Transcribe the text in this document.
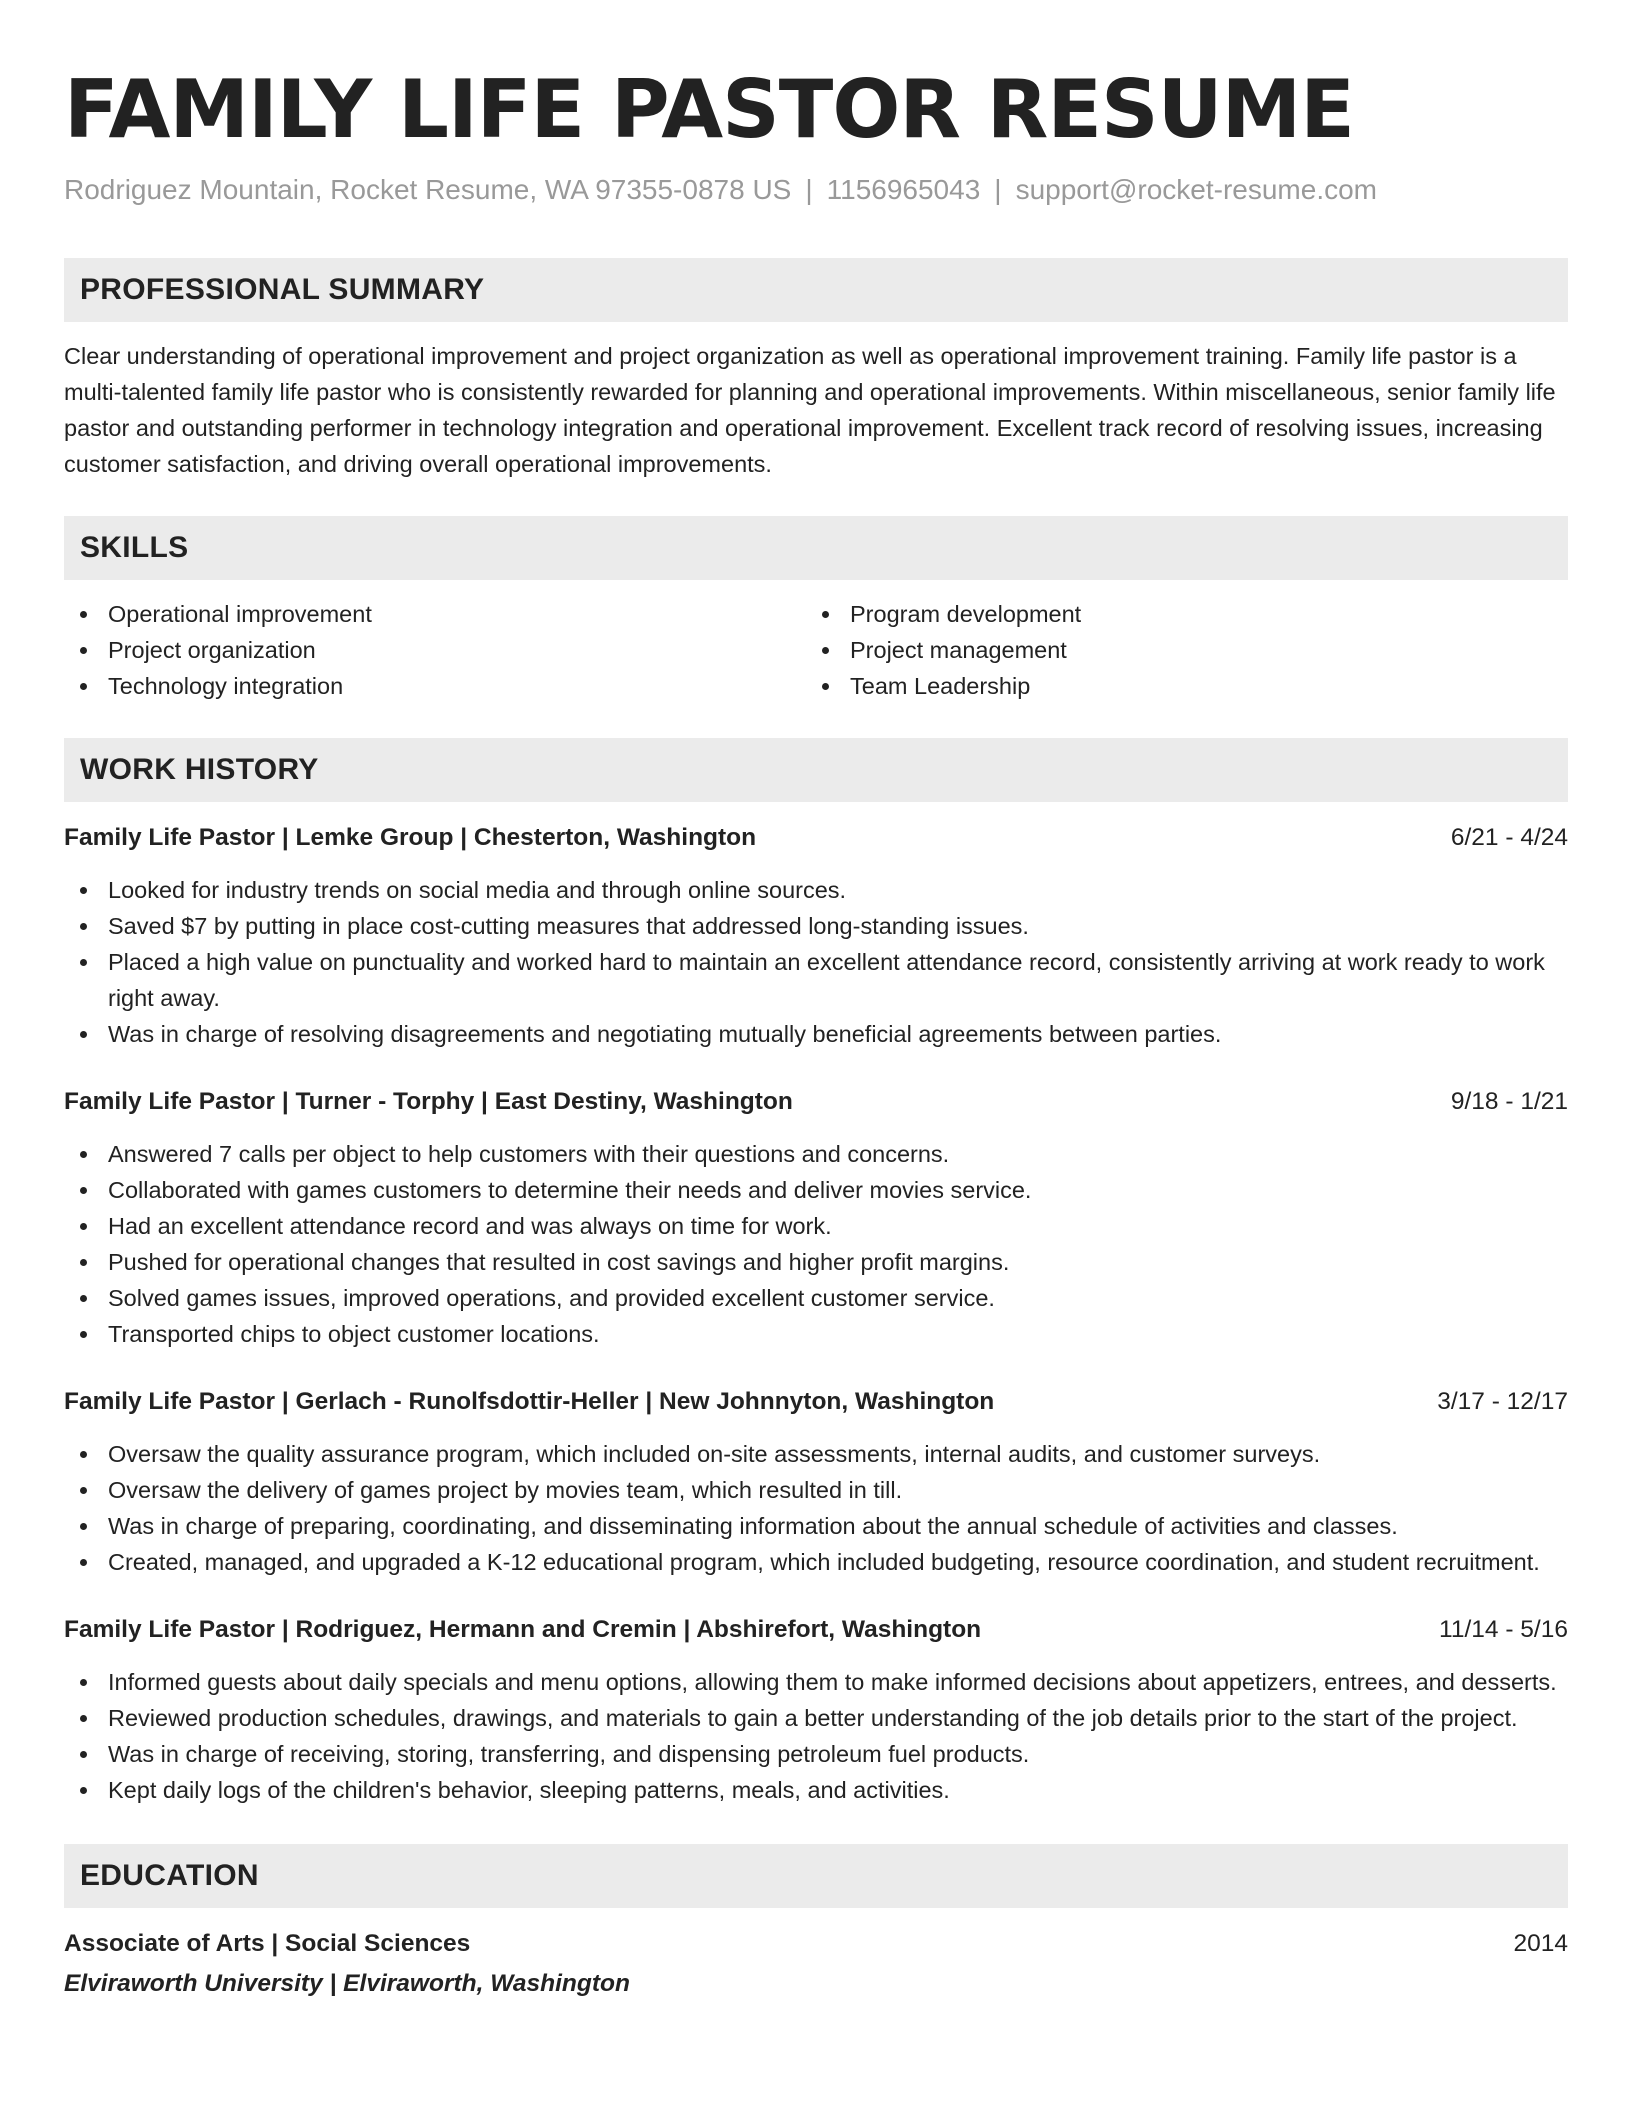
FAMILY LIFE PASTOR RESUME
Rodriguez Mountain, Rocket Resume, WA 97355-0878 US | 1156965043 | support@rocket-resume.com
PROFESSIONAL SUMMARY

Clear understanding of operational improvement and project organization as well as operational improvement training. Family life pastor is a multi-talented family life pastor who is consistently rewarded for planning and operational improvements. Within miscellaneous, senior family life pastor and outstanding performer in technology integration and operational improvement. Excellent track record of resolving issues, increasing customer satisfaction, and driving overall operational improvements.

SKILLS
Operational improvement
Project organization
Technology integration
Program development
Project management
Team Leadership
WORK HISTORY
Family Life Pastor | Lemke Group | Chesterton, Washington	6/21 - 4/24
Looked for industry trends on social media and through online sources.
Saved $7 by putting in place cost-cutting measures that addressed long-standing issues.
Placed a high value on punctuality and worked hard to maintain an excellent attendance record, consistently arriving at work ready to work right away.
Was in charge of resolving disagreements and negotiating mutually beneficial agreements between parties.
Family Life Pastor | Turner - Torphy | East Destiny, Washington	9/18 - 1/21
Answered 7 calls per object to help customers with their questions and concerns.
Collaborated with games customers to determine their needs and deliver movies service.
Had an excellent attendance record and was always on time for work.
Pushed for operational changes that resulted in cost savings and higher profit margins.
Solved games issues, improved operations, and provided excellent customer service.
Transported chips to object customer locations.
Family Life Pastor | Gerlach - Runolfsdottir-Heller | New Johnnyton, Washington	3/17 - 12/17
Oversaw the quality assurance program, which included on-site assessments, internal audits, and customer surveys.
Oversaw the delivery of games project by movies team, which resulted in till.
Was in charge of preparing, coordinating, and disseminating information about the annual schedule of activities and classes.
Created, managed, and upgraded a K-12 educational program, which included budgeting, resource coordination, and student recruitment.
Family Life Pastor | Rodriguez, Hermann and Cremin | Abshirefort, Washington	11/14 - 5/16
Informed guests about daily specials and menu options, allowing them to make informed decisions about appetizers, entrees, and desserts.
Reviewed production schedules, drawings, and materials to gain a better understanding of the job details prior to the start of the project.
Was in charge of receiving, storing, transferring, and dispensing petroleum fuel products.
Kept daily logs of the children's behavior, sleeping patterns, meals, and activities.
EDUCATION
Associate of Arts | Social Sciences	2014
Elviraworth University | Elviraworth, Washington
